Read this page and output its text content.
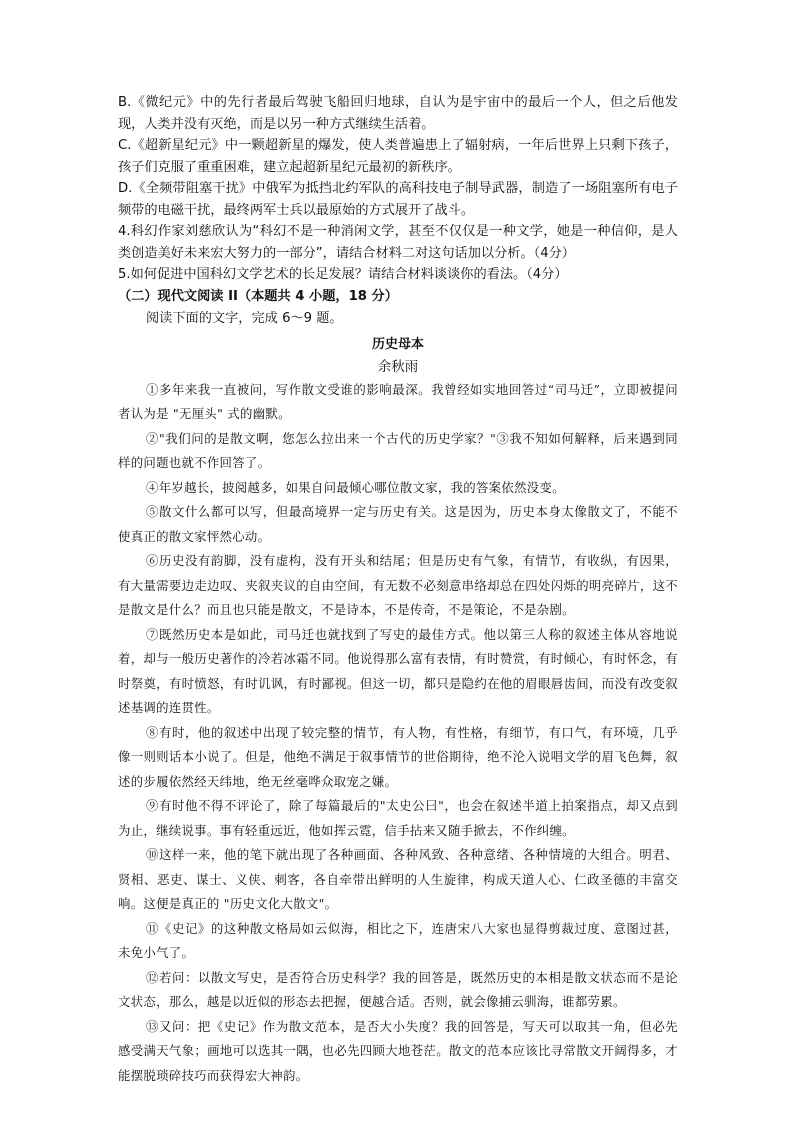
B.《微纪元》中的先行者最后驾驶飞船回归地球，自认为是宇宙中的最后一个人，但之后他发现，人类并没有灭绝，而是以另一种方式继续生活着。

C.《超新星纪元》中一颗超新星的爆发，使人类普遍患上了辐射病，一年后世界上只剩下孩子，孩子们克服了重重困难，建立起超新星纪元最初的新秩序。

D.《全频带阻塞干扰》中俄军为抵挡北约军队的高科技电子制导武器，制造了一场阻塞所有电子频带的电磁干扰，最终两军士兵以最原始的方式展开了战斗。

4.科幻作家刘慈欣认为“科幻不是一种消闲文学，甚至不仅仅是一种文学，她是一种信仰，是人类创造美好未来宏大努力的一部分”，请结合材料二对这句话加以分析。（4分）

5.如何促进中国科幻文学艺术的长足发展？请结合材料谈谈你的看法。（4分）

（二）现代文阅读 II（本题共 4 小题，18 分）

阅读下面的文字，完成 6～9 题。

历史母本

余秋雨

①多年来我一直被问，写作散文受谁的影响最深。我曾经如实地回答过“司马迁”，立即被提问者认为是 "无厘头" 式的幽默。

②"我们问的是散文啊，您怎么拉出来一个古代的历史学家？"③我不知如何解释，后来遇到同样的问题也就不作回答了。

④年岁越长，披阅越多，如果自问最倾心哪位散文家，我的答案依然没变。

⑤散文什么都可以写，但最高境界一定与历史有关。这是因为，历史本身太像散文了，不能不使真正的散文家怦然心动。

⑥历史没有韵脚，没有虚构，没有开头和结尾；但是历史有气象，有情节，有收纵，有因果，有大量需要边走边叹、夹叙夹议的自由空间，有无数不必刻意串络却总在四处闪烁的明亮碎片，这不是散文是什么？而且也只能是散文，不是诗本，不是传奇，不是策论，不是杂剧。

⑦既然历史本是如此，司马迁也就找到了写史的最佳方式。他以第三人称的叙述主体从容地说着，却与一般历史著作的冷若冰霜不同。他说得那么富有表情，有时赞赏，有时倾心，有时怀念，有时祭奠，有时愤怒，有时讥讽，有时鄙视。但这一切，都只是隐约在他的眉眼唇齿间，而没有改变叙述基调的连贯性。

⑧有时，他的叙述中出现了较完整的情节，有人物，有性格，有细节，有口气，有环境，几乎像一则则话本小说了。但是，他绝不满足于叙事情节的世俗期待，绝不沦入说唱文学的眉飞色舞，叙述的步履依然经天纬地，绝无丝毫哗众取宠之嫌。

⑨有时他不得不评论了，除了每篇最后的"太史公曰"，也会在叙述半道上拍案指点，却又点到为止，继续说事。事有轻重远近，他如挥云霓，信手拈来又随手掀去，不作纠缠。

⑩这样一来，他的笔下就出现了各种画面、各种风致、各种意绪、各种情境的大组合。明君、贤相、恶吏、谋士、义侠、刺客，各自牵带出鲜明的人生旋律，构成天道人心、仁政圣德的丰富交响。这便是真正的 "历史文化大散文"。

⑪《史记》的这种散文格局如云似海，相比之下，连唐宋八大家也显得剪裁过度、意图过甚，未免小气了。

⑫若问：以散文写史，是否符合历史科学？我的回答是，既然历史的本相是散文状态而不是论文状态，那么，越是以近似的形态去把握，便越合适。否则，就会像捕云驯海，谁都劳累。

⑬又问：把《史记》作为散文范本，是否大小失度？我的回答是，写天可以取其一角，但必先感受满天气象；画地可以选其一隅，也必先四顾大地苍茫。散文的范本应该比寻常散文开阔得多，才能摆脱琐碎技巧而获得宏大神韵。
